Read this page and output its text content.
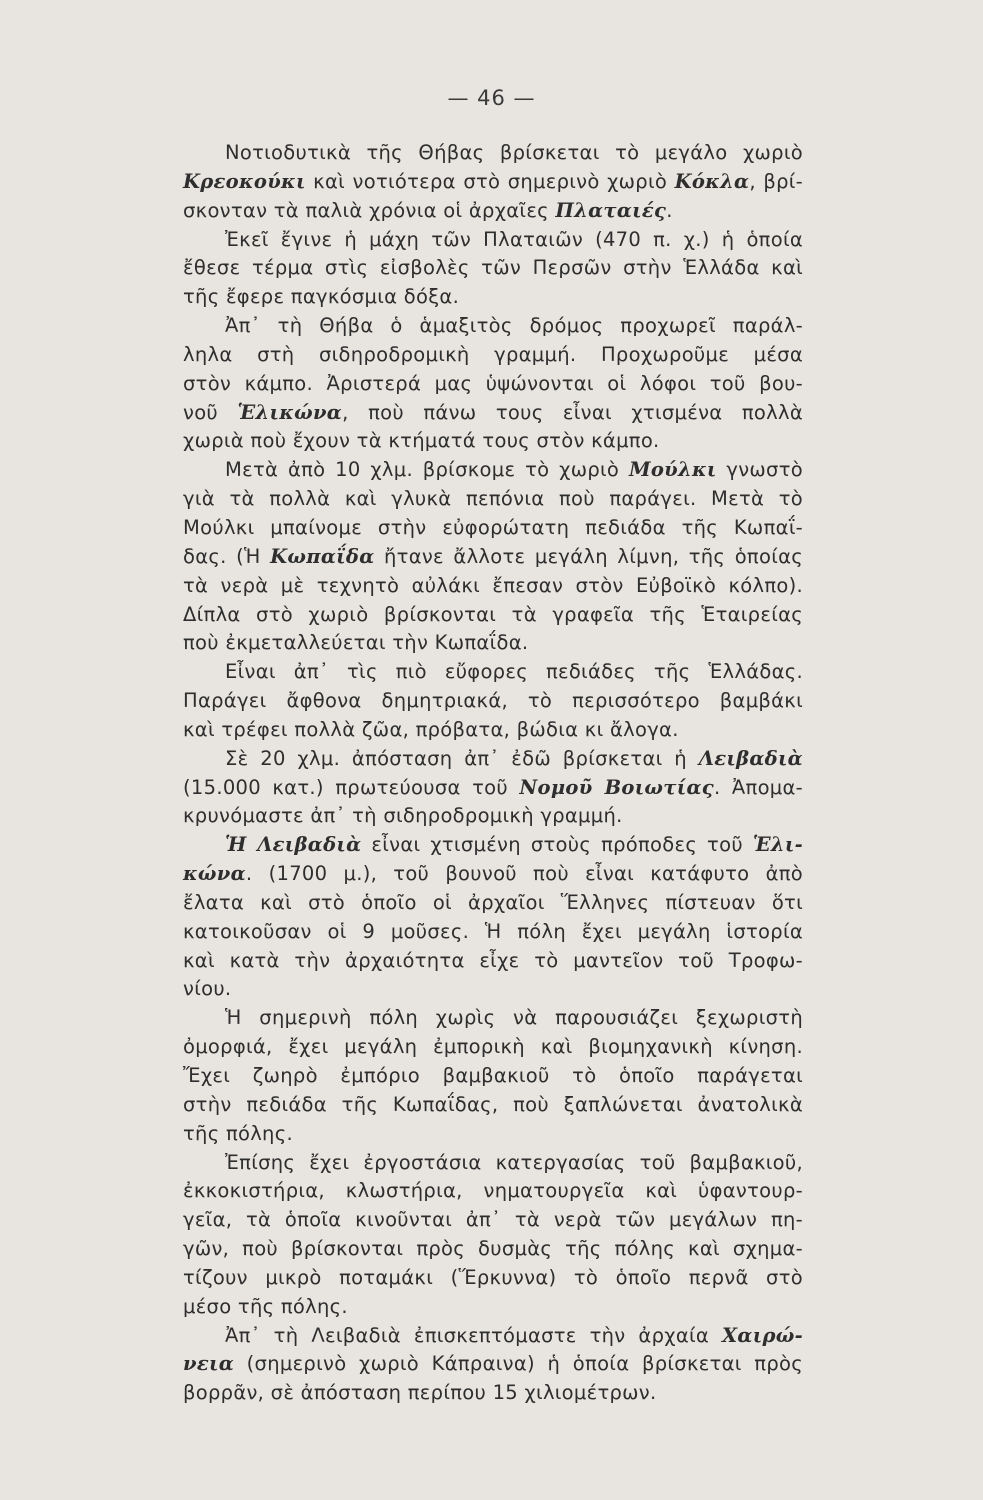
— 46 —
Νοτιοδυτικὰ τῆς Θήβας βρίσκεται τὸ μεγάλο χωριὸ
Κρεοκούκι καὶ νοτιότερα στὸ σημερινὸ χωριὸ Κόκλα, βρί-
σκονταν τὰ παλιὰ χρόνια οἱ ἀρχαῖες Πλαταιές.
Ἐκεῖ ἔγινε ἡ μάχη τῶν Πλαταιῶν (470 π. χ.) ἡ ὁποία
ἔθεσε τέρμα στὶς εἰσβολὲς τῶν Περσῶν στὴν Ἑλλάδα καὶ
τῆς ἔφερε παγκόσμια δόξα.
Ἀπ᾿ τὴ Θήβα ὁ ἁμαξιτὸς δρόμος προχωρεῖ παράλ-
ληλα στὴ σιδηροδρομικὴ γραμμή. Προχωροῦμε μέσα
στὸν κάμπο. Ἀριστερά μας ὑψώνονται οἱ λόφοι τοῦ βου-
νοῦ Ἑλικώνα, ποὺ πάνω τους εἶναι χτισμένα πολλὰ
χωριὰ ποὺ ἔχουν τὰ κτήματά τους στὸν κάμπο.
Μετὰ ἀπὸ 10 χλμ. βρίσκομε τὸ χωριὸ Μούλκι γνωστὸ
γιὰ τὰ πολλὰ καὶ γλυκὰ πεπόνια ποὺ παράγει. Μετὰ τὸ
Μούλκι μπαίνομε στὴν εὐφορώτατη πεδιάδα τῆς Κωπαΐ-
δας. (Ἡ Κωπαΐδα ἤτανε ἄλλοτε μεγάλη λίμνη, τῆς ὁποίας
τὰ νερὰ μὲ τεχνητὸ αὐλάκι ἔπεσαν στὸν Εὐβοϊκὸ κόλπο).
Δίπλα στὸ χωριὸ βρίσκονται τὰ γραφεῖα τῆς Ἑταιρείας
ποὺ ἐκμεταλλεύεται τὴν Κωπαΐδα.
Εἶναι ἀπ᾿ τὶς πιὸ εὔφορες πεδιάδες τῆς Ἑλλάδας.
Παράγει ἄφθονα δημητριακά, τὸ περισσότερο βαμβάκι
καὶ τρέφει πολλὰ ζῶα, πρόβατα, βώδια κι ἄλογα.
Σὲ 20 χλμ. ἀπόσταση ἀπ᾿ ἐδῶ βρίσκεται ἡ Λειβαδιὰ
(15.000 κατ.) πρωτεύουσα τοῦ Νομοῦ Βοιωτίας. Ἀπομα-
κρυνόμαστε ἀπ᾿ τὴ σιδηροδρομικὴ γραμμή.
Ἡ Λειβαδιὰ εἶναι χτισμένη στοὺς πρόποδες τοῦ Ἑλι-
κώνα. (1700 μ.), τοῦ βουνοῦ ποὺ εἶναι κατάφυτο ἀπὸ
ἔλατα καὶ στὸ ὁποῖο οἱ ἀρχαῖοι Ἕλληνες πίστευαν ὅτι
κατοικοῦσαν οἱ 9 μοῦσες. Ἡ πόλη ἔχει μεγάλη ἱστορία
καὶ κατὰ τὴν ἀρχαιότητα εἶχε τὸ μαντεῖον τοῦ Τροφω-
νίου.
Ἡ σημερινὴ πόλη χωρὶς νὰ παρουσιάζει ξεχωριστὴ
ὀμορφιά, ἔχει μεγάλη ἐμπορικὴ καὶ βιομηχανικὴ κίνηση.
Ἔχει ζωηρὸ ἐμπόριο βαμβακιοῦ τὸ ὁποῖο παράγεται
στὴν πεδιάδα τῆς Κωπαΐδας, ποὺ ξαπλώνεται ἀνατολικὰ
τῆς πόλης.
Ἐπίσης ἔχει ἐργοστάσια κατεργασίας τοῦ βαμβακιοῦ,
ἐκκοκιστήρια, κλωστήρια, νηματουργεῖα καὶ ὑφαντουρ-
γεῖα, τὰ ὁποῖα κινοῦνται ἀπ᾿ τὰ νερὰ τῶν μεγάλων πη-
γῶν, ποὺ βρίσκονται πρὸς δυσμὰς τῆς πόλης καὶ σχημα-
τίζουν μικρὸ ποταμάκι (Ἕρκυννα) τὸ ὁποῖο περνᾶ στὸ
μέσο τῆς πόλης.
Ἀπ᾿ τὴ Λειβαδιὰ ἐπισκεπτόμαστε τὴν ἀρχαία Χαιρώ-
νεια (σημερινὸ χωριὸ Κάπραινα) ἡ ὁποία βρίσκεται πρὸς
βορρᾶν, σὲ ἀπόσταση περίπου 15 χιλιομέτρων.
